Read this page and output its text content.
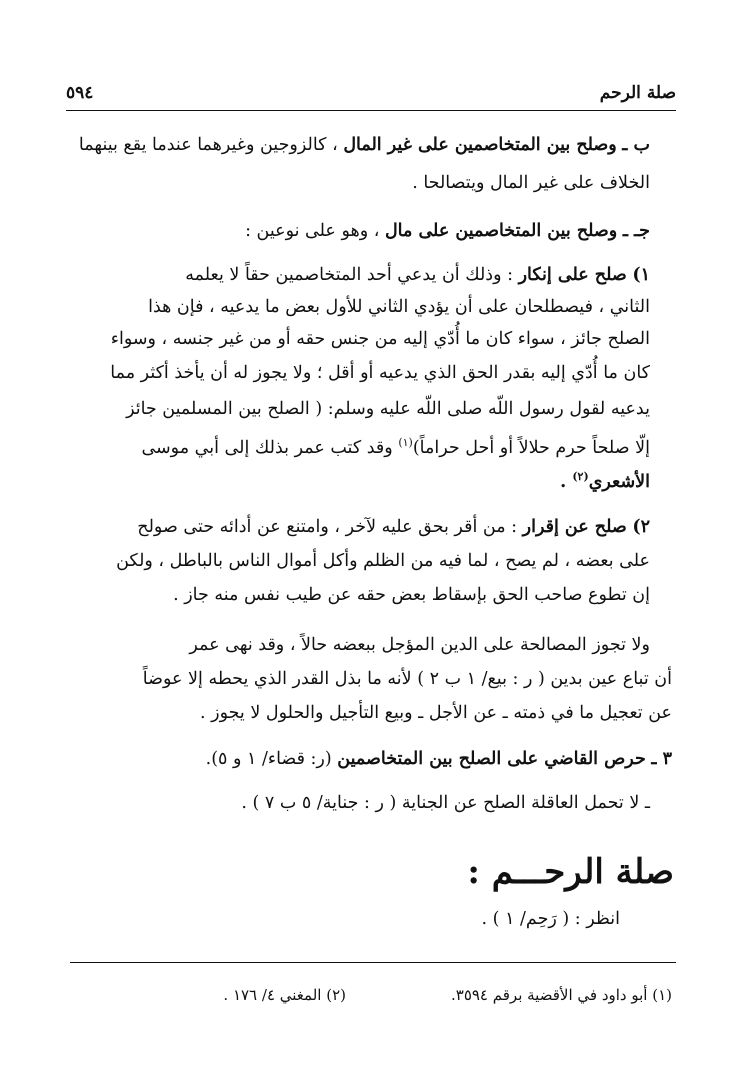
صلة الرحم
٥٩٤
ب ـ وصلح بين المتخاصمين على غير المال ، كالزوجين وغيرهما عندما يقع بينهما
الخلاف على غير المال ويتصالحا .
جـ ـ وصلح بين المتخاصمين على مال ، وهو على نوعين :
١) صلح على إنكار : وذلك أن يدعي أحد المتخاصمين حقاً لا يعلمه
الثاني ، فيصطلحان على أن يؤدي الثاني للأول بعض ما يدعيه ، فإن هذا
الصلح جائز ، سواء كان ما أُدّي إليه من جنس حقه أو من غير جنسه ، وسواء
كان ما أُدّي إليه بقدر الحق الذي يدعيه أو أقل ؛ ولا يجوز له أن يأخذ أكثر مما
يدعيه لقول رسول اللّه صلى اللّه عليه وسلم: ( الصلح بين المسلمين جائز
إلّا صلحاً حرم حلالاً أو أحل حراماً)$^{(١)}$ وقد كتب عمر بذلك إلى أبي موسى
الأشعري$^{(٢)}$ .
٢) صلح عن إقرار : من أقر بحق عليه لآخر ، وامتنع عن أدائه حتى صولح
على بعضه ، لم يصح ، لما فيه من الظلم وأكل أموال الناس بالباطل ، ولكن
إن تطوع صاحب الحق بإسقاط بعض حقه عن طيب نفس منه جاز .
ولا تجوز المصالحة على الدين المؤجل ببعضه حالاً ، وقد نهى عمر
أن تباع عين بدين ( ر : بيع/ ١ ب ٢ ) لأنه ما بذل القدر الذي يحطه إلا عوضاً
عن تعجيل ما في ذمته ـ عن الأجل ـ وبيع التأجيل والحلول لا يجوز .
٣ ـ حرص القاضي على الصلح بين المتخاصمين (ر: قضاء/ ١ و ٥).
ـ لا تحمل العاقلة الصلح عن الجناية ( ر : جناية/ ٥ ب ٧ ) .
صلة الرحـــم :
انظر : ( رَحِم/ ١ ) .
(١) أبو داود في الأقضية برقم ٣٥٩٤.
(٢) المغني ٤/ ١٧٦ .
